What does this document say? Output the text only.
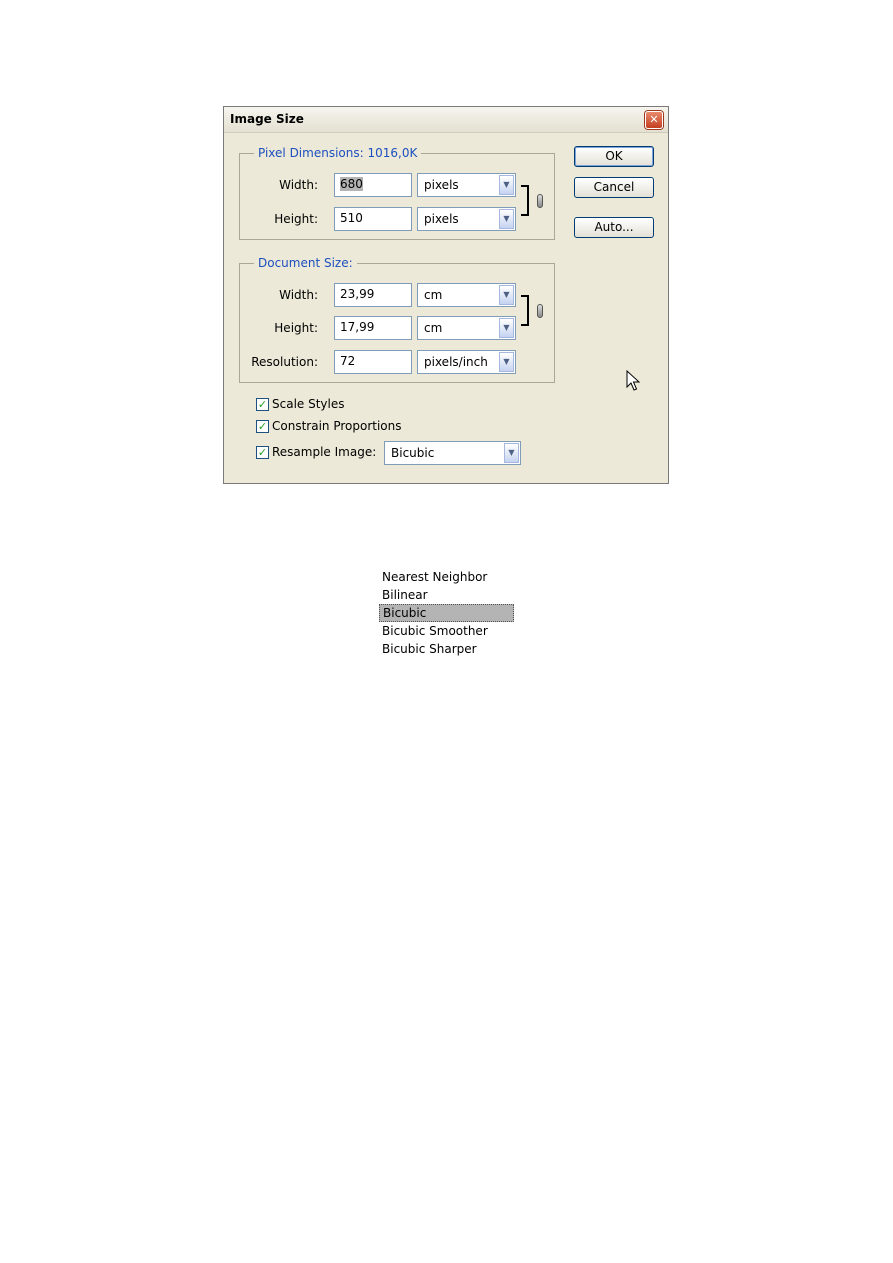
Image Size	✕
Pixel Dimensions: 1016,0K
Width:	680	pixels	▼
Height:	510	pixels	▼
Document Size:
Width:	23,99	cm	▼
Height:	17,99	cm	▼
Resolution:	72	pixels/inch	▼
OK
Cancel
Auto...
✓ Scale Styles
✓ Constrain Proportions
✓ Resample Image: Bicubic	▼
Nearest Neighbor
Bilinear
Bicubic
Bicubic Smoother
Bicubic Sharper
